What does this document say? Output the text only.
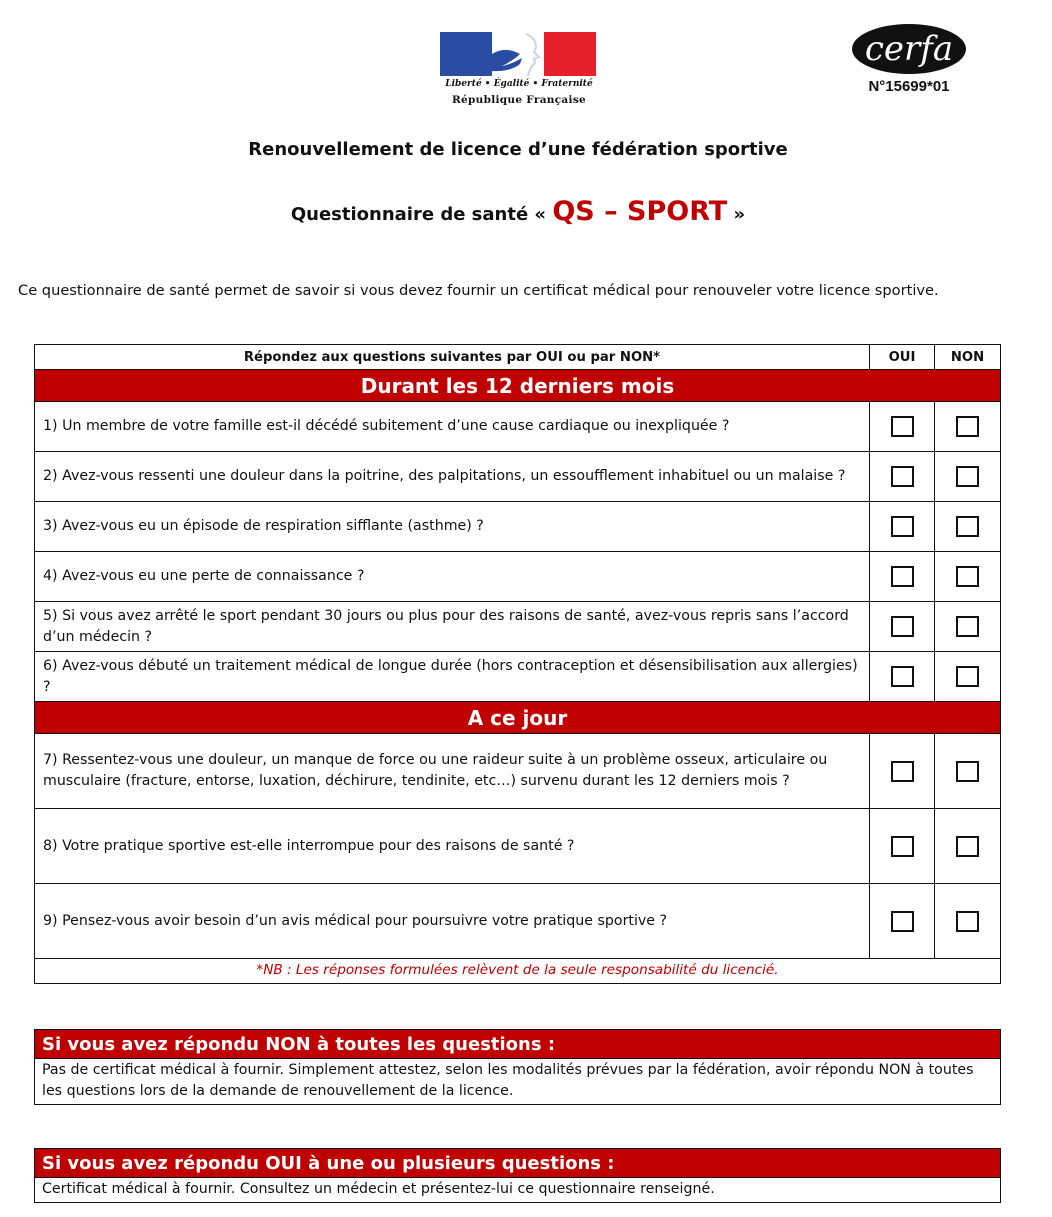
Liberté • Égalité • Fraternité
République Française
cerfa
N°15699*01
Renouvellement de licence d’une fédération sportive
Questionnaire de santé « QS – SPORT »
Ce questionnaire de santé permet de savoir si vous devez fournir un certificat médical pour renouveler votre licence sportive.
Répondez aux questions suivantes par OUI ou par NON*	OUI	NON
Durant les 12 derniers mois
1) Un membre de votre famille est-il décédé subitement d’une cause cardiaque ou inexpliquée ?
2) Avez-vous ressenti une douleur dans la poitrine, des palpitations, un essoufflement inhabituel ou un malaise ?
3) Avez-vous eu un épisode de respiration sifflante (asthme) ?
4) Avez-vous eu une perte de connaissance ?
5) Si vous avez arrêté le sport pendant 30 jours ou plus pour des raisons de santé, avez-vous repris sans l’accord d’un médecin ?
6) Avez-vous débuté un traitement médical de longue durée (hors contraception et désensibilisation aux allergies) ?
A ce jour
7) Ressentez-vous une douleur, un manque de force ou une raideur suite à un problème osseux, articulaire ou musculaire (fracture, entorse, luxation, déchirure, tendinite, etc…) survenu durant les 12 derniers mois ?
8) Votre pratique sportive est-elle interrompue pour des raisons de santé ?
9) Pensez-vous avoir besoin d’un avis médical pour poursuivre votre pratique sportive ?
*NB : Les réponses formulées relèvent de la seule responsabilité du licencié.
Si vous avez répondu NON à toutes les questions :
Pas de certificat médical à fournir. Simplement attestez, selon les modalités prévues par la fédération, avoir répondu NON à toutes les questions lors de la demande de renouvellement de la licence.
Si vous avez répondu OUI à une ou plusieurs questions :
Certificat médical à fournir. Consultez un médecin et présentez-lui ce questionnaire renseigné.
